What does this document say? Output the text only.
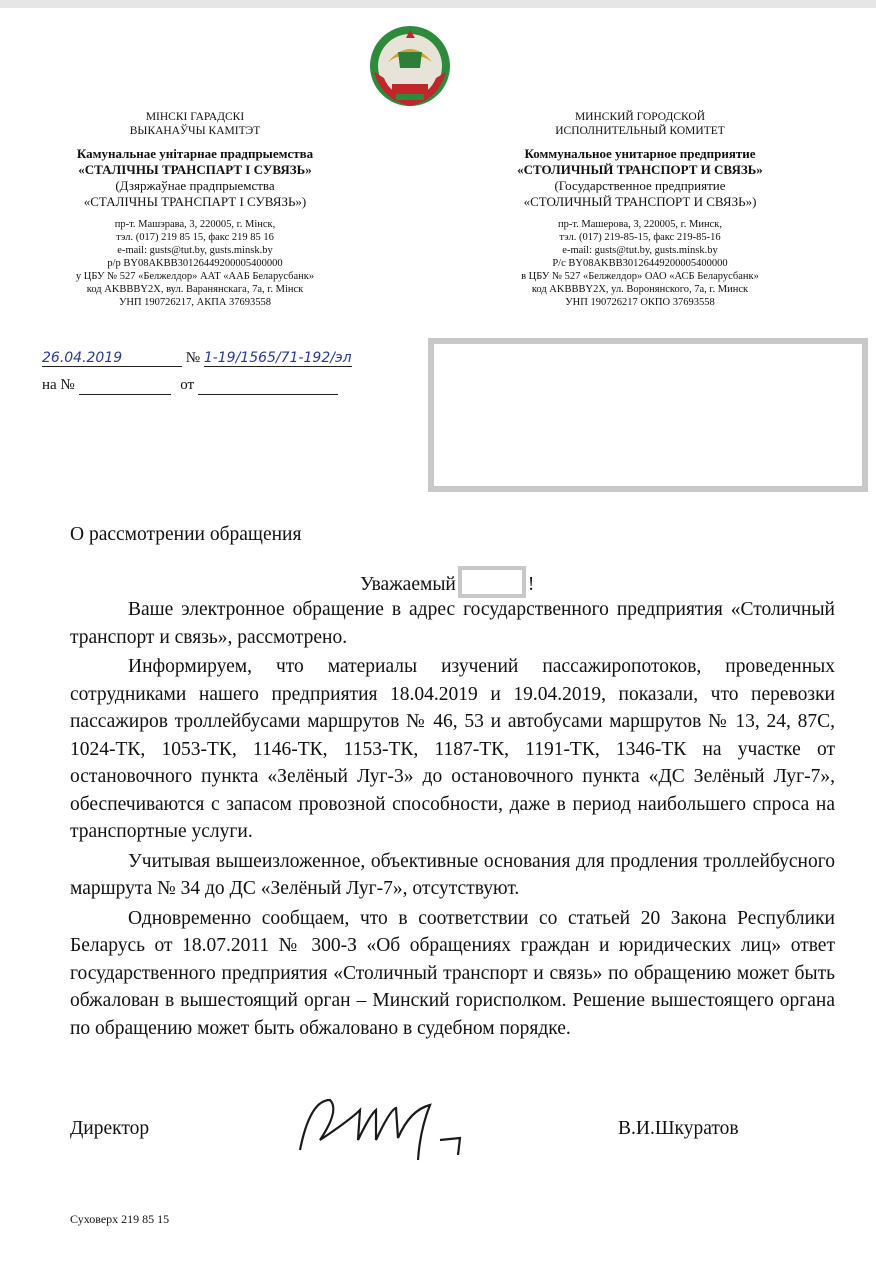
МІНСКІ ГАРАДСКІ
ВЫКАНАЎЧЫ КАМІТЭТ
Камунальнае унітарнае прадпрыемства
«СТАЛІЧНЫ ТРАНСПАРТ І СУВЯЗЬ»
(Дзяржаўнае прадпрыемства
«СТАЛІЧНЫ ТРАНСПАРТ І СУВЯЗЬ»)
пр-т. Машэрава, 3, 220005, г. Мінск,
тэл. (017) 219 85 15, факс 219 85 16
e-mail: gusts@tut.by, gusts.minsk.by
р/р BY08AKBB30126449200005400000
у ЦБУ № 527 «Белжелдор» ААТ «ААБ Беларусбанк»
код AKBBBY2X, вул. Варанянскага, 7а, г. Мінск
УНП 190726217, АКПА 37693558
МИНСКИЙ ГОРОДСКОЙ
ИСПОЛНИТЕЛЬНЫЙ КОМИТЕТ
Коммунальное унитарное предприятие
«СТОЛИЧНЫЙ ТРАНСПОРТ И СВЯЗЬ»
(Государственное предприятие
«СТОЛИЧНЫЙ ТРАНСПОРТ И СВЯЗЬ»)
пр-т. Машерова, 3, 220005, г. Минск,
тэл. (017) 219-85-15, факс 219-85-16
e-mail: gusts@tut.by, gusts.minsk.by
Р/с BY08AKBB30126449200005400000
в ЦБУ № 527 «Белжелдор» ОАО «АСБ Беларусбанк»
код AKBBBY2X, ул. Воронянского, 7а, г. Минск
УНП 190726217 ОКПО 37693558
26.04.2019	№ 1-19/1565/71-192/эл
на №	от
О рассмотрении обращения
Уважаемый	!

Ваше электронное обращение в адрес государственного предприятия «Столичный транспорт и связь», рассмотрено.

Информируем, что материалы изучений пассажиропотоков, проведенных сотрудниками нашего предприятия 18.04.2019 и 19.04.2019, показали, что перевозки пассажиров троллейбусами маршрутов № 46, 53 и автобусами маршрутов № 13, 24, 87С, 1024-ТК, 1053-ТК, 1146-ТК, 1153-ТК, 1187-ТК, 1191-ТК, 1346-ТК на участке от остановочного пункта «Зелёный Луг-3» до остановочного пункта «ДС Зелёный Луг-7», обеспечиваются с запасом провозной способности, даже в период наибольшего спроса на транспортные услуги.

Учитывая вышеизложенное, объективные основания для продления троллейбусного маршрута № 34 до ДС «Зелёный Луг-7», отсутствуют.

Одновременно сообщаем, что в соответствии со статьей 20 Закона Республики Беларусь от 18.07.2011 № 300-З «Об обращениях граждан и юридических лиц» ответ государственного предприятия «Столичный транспорт и связь» по обращению может быть обжалован в вышестоящий орган – Минский горисполком. Решение вышестоящего органа по обращению может быть обжаловано в судебном порядке.

Директор	В.И.Шкуратов
Суховерх 219 85 15
